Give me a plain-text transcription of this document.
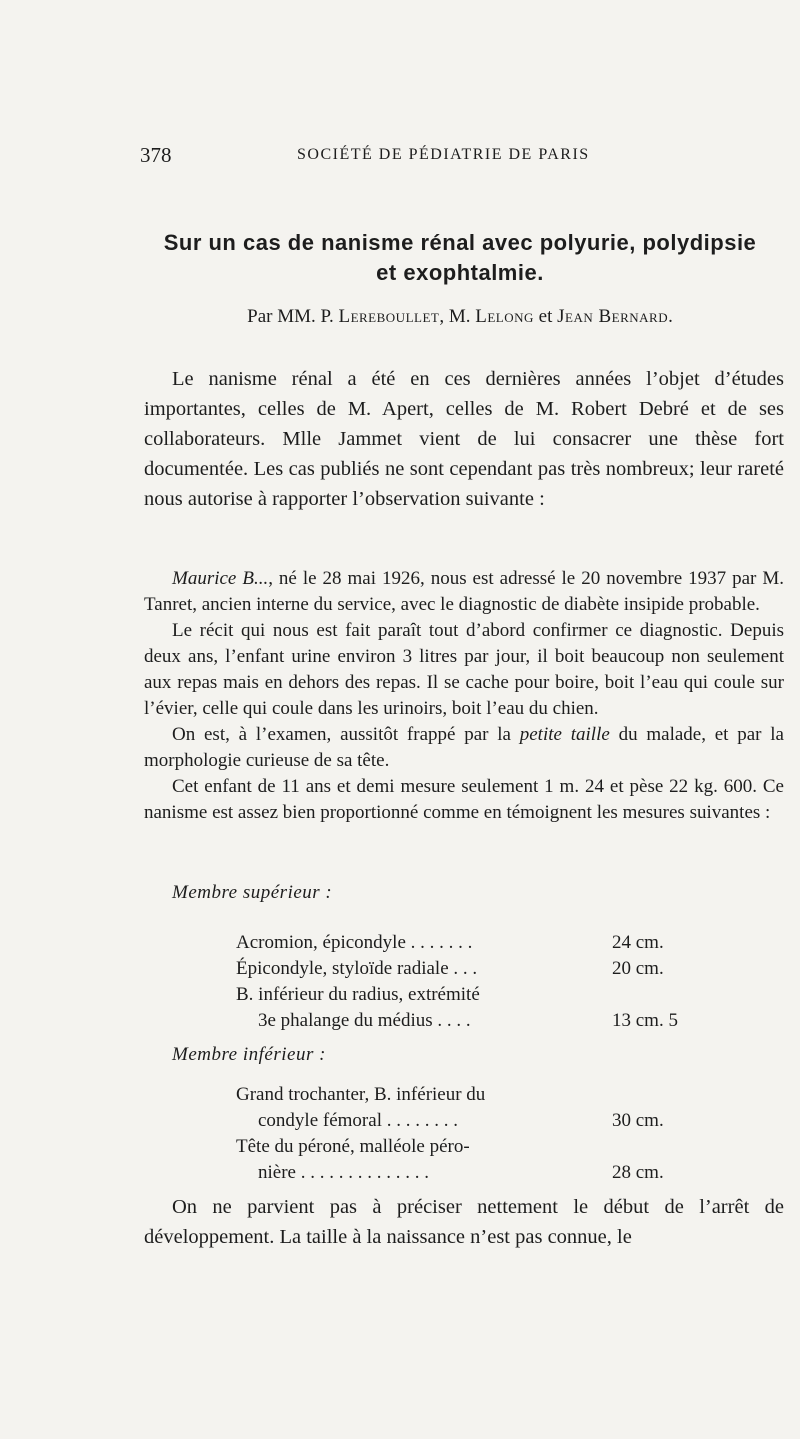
378	SOCIÉTÉ DE PÉDIATRIE DE PARIS
Sur un cas de nanisme rénal avec polyurie, polydipsie
et exophtalmie.
Par MM. P. Lereboullet, M. Lelong et Jean Bernard.

Le nanisme rénal a été en ces dernières années l’objet d’études importantes, celles de M. Apert, celles de M. Robert Debré et de ses collaborateurs. Mlle Jammet vient de lui consacrer une thèse fort documentée. Les cas publiés ne sont cependant pas très nombreux; leur rareté nous autorise à rapporter l’observation suivante :

Maurice B..., né le 28 mai 1926, nous est adressé le 20 novembre 1937 par M. Tanret, ancien interne du service, avec le diagnostic de diabète insipide probable.

Le récit qui nous est fait paraît tout d’abord confirmer ce diagnostic. Depuis deux ans, l’enfant urine environ 3 litres par jour, il boit beaucoup non seulement aux repas mais en dehors des repas. Il se cache pour boire, boit l’eau qui coule sur l’évier, celle qui coule dans les urinoirs, boit l’eau du chien.

On est, à l’examen, aussitôt frappé par la petite taille du malade, et par la morphologie curieuse de sa tête.

Cet enfant de 11 ans et demi mesure seulement 1 m. 24 et pèse 22 kg. 600. Ce nanisme est assez bien proportionné comme en témoignent les mesures suivantes :

Membre supérieur :
Acromion, épicondyle . . . . . . .	24 cm.
Épicondyle, styloïde radiale . . .	20 cm.
B. inférieur du radius, extrémité
3e phalange du médius . . . .	13 cm. 5
Membre inférieur :
Grand trochanter, B. inférieur du
condyle fémoral . . . . . . . .	30 cm.
Tête du péroné, malléole péro-
nière . . . . . . . . . . . . . .	28 cm.

On ne parvient pas à préciser nettement le début de l’arrêt de développement. La taille à la naissance n’est pas connue, le
